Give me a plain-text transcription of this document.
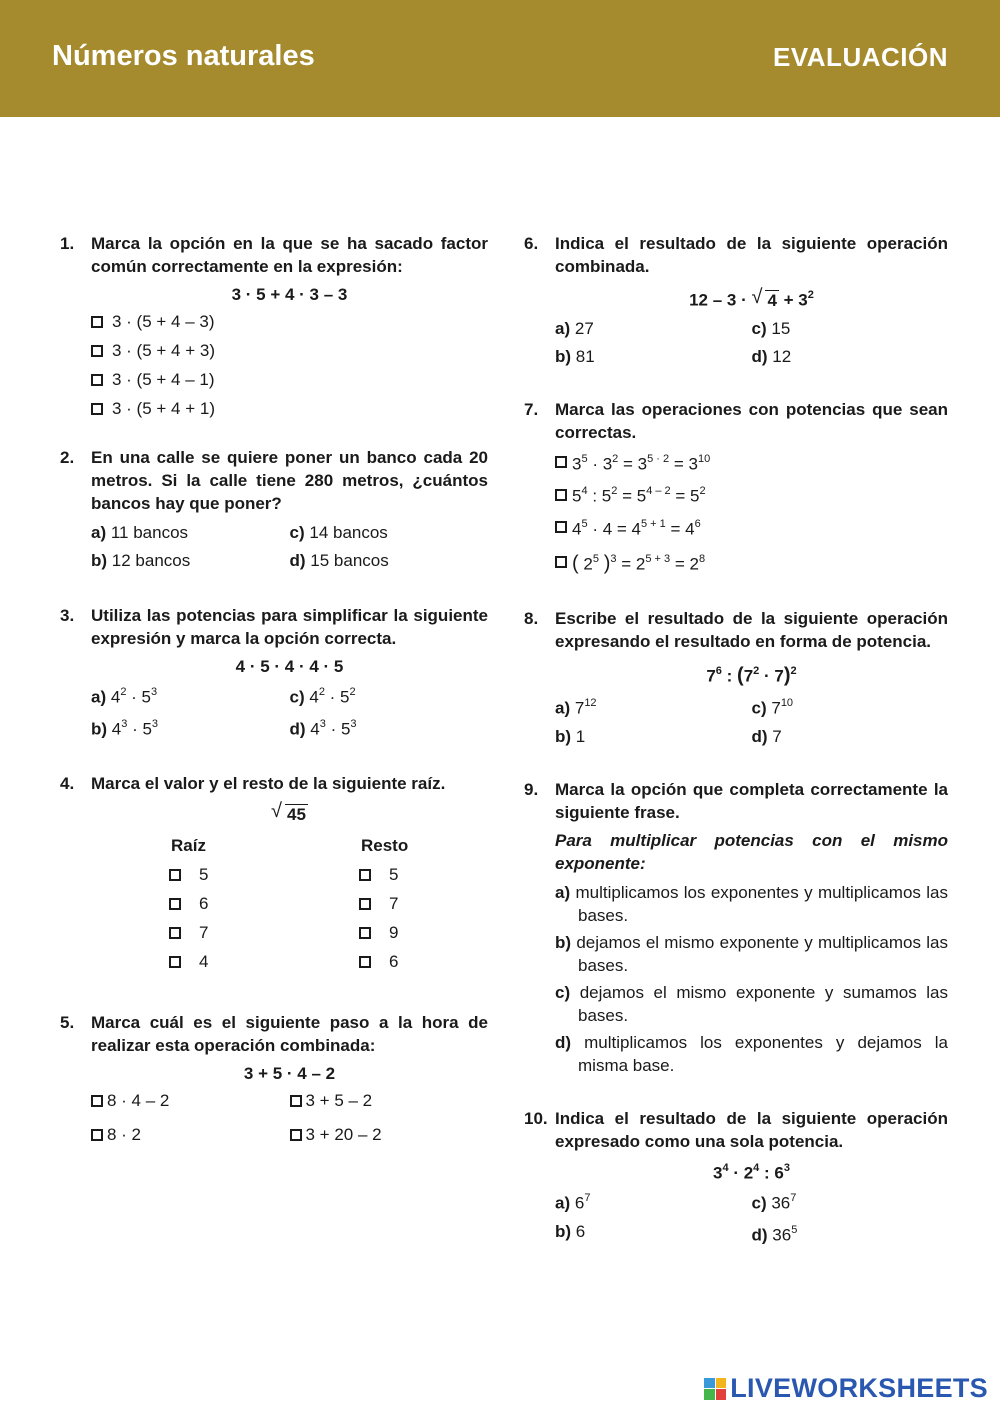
Números naturales	EVALUACIÓN
1. Marca la opción en la que se ha sacado factor común correctamente en la expresión:
3 · 5 + 4 · 3 – 3
3 · (5 + 4 – 3)
3 · (5 + 4 + 3)
3 · (5 + 4 – 1)
3 · (5 + 4 + 1)
2. En una calle se quiere poner un banco cada 20 metros. Si la calle tiene 280 metros, ¿cuántos bancos hay que poner?
a) 11 bancos	c) 14 bancos
b) 12 bancos	d) 15 bancos
3. Utiliza las potencias para simplificar la siguiente expresión y marca la opción correcta.
4 · 5 · 4 · 4 · 5
a) $4^2 \cdot 5^3$	c) $4^2 \cdot 5^2$
b) $4^3 \cdot 5^3$	d) $4^3 \cdot 5^3$
4. Marca el valor y el resto de la siguiente raíz.
√ 45
Raíz	Resto
5	5
6	7
7	9
4	6
5. Marca cuál es el siguiente paso a la hora de realizar esta operación combinada:
3 + 5 · 4 – 2
8 · 4 – 2	3 + 5 – 2
8 · 2	3 + 20 – 2
6. Indica el resultado de la siguiente operación combinada.
12 – 3 · √ $4 + 3^2$
a) 27	c) 15
b) 81	d) 12
7. Marca las operaciones con potencias que sean correctas.
$3^5 \cdot 3^2 = 3^{5 \cdot 2} = 3^{10}$
$5^4$ : $5^2 = 5^{4 - 2} = 5^2$
$4^5 \cdot 4 = 4^{5 + 1} = 4^6$
( $2^5$ )$^3 = 2^{5 + 3} = 2^8$
8. Escribe el resultado de la siguiente operación expresando el resultado en forma de potencia.
$7^6$ : $(7^2 \cdot 7)^2$
a) $7^{12}$	c) $7^{10}$
b) 1	d) 7
9. Marca la opción que completa correctamente la siguiente frase.
Para multiplicar potencias con el mismo exponente:
a) multiplicamos los exponentes y multiplicamos las bases.
b) dejamos el mismo exponente y multiplicamos las bases.
c) dejamos el mismo exponente y sumamos las bases.
d) multiplicamos los exponentes y dejamos la misma base.
10. Indica el resultado de la siguiente operación expresado como una sola potencia.
$3^4 \cdot 2^4$ : $6^3$
a) $6^7$	c) $36^7$
b) 6	d) $36^5$
LIVEWORKSHEETS
